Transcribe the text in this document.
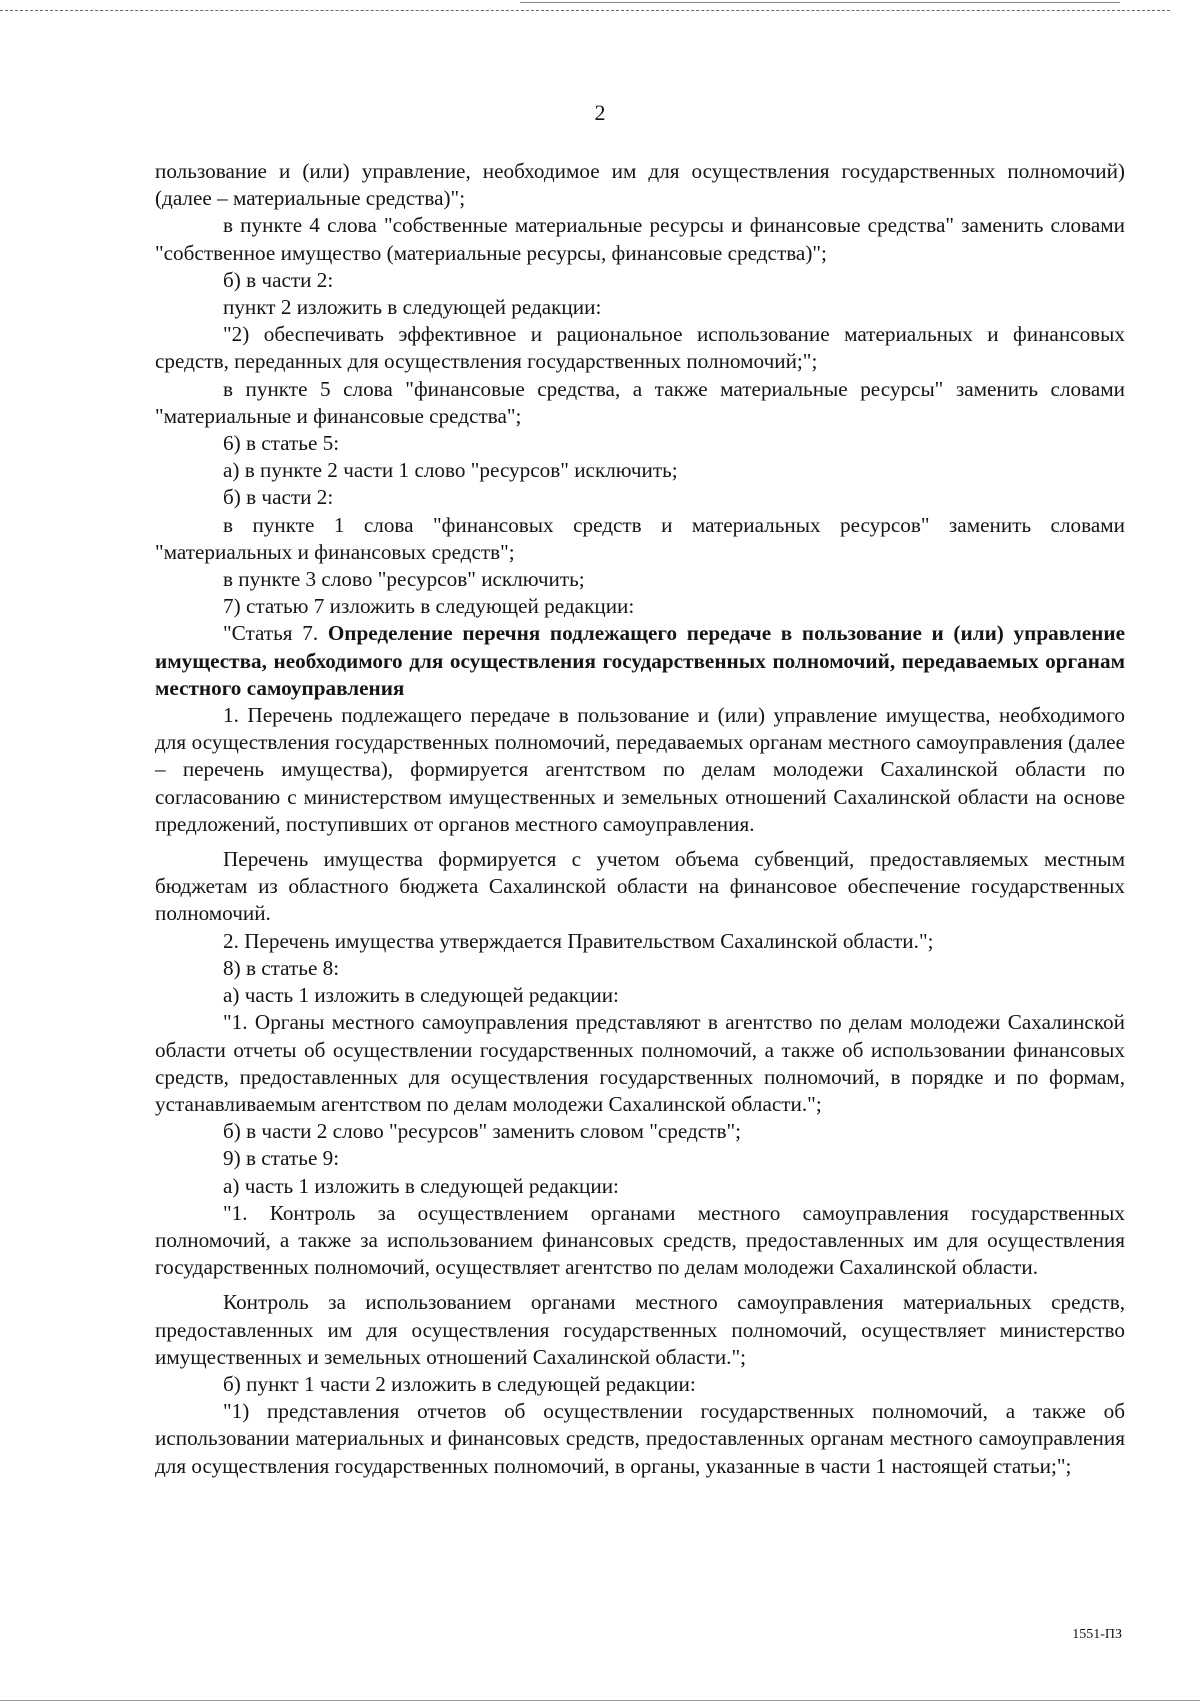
2

пользование и (или) управление, необходимое им для осуществления государственных полномочий) (далее – материальные средства)";

в пункте 4 слова "собственные материальные ресурсы и финансовые средства" заменить словами "собственное имущество (материальные ресурсы, финансовые средства)";

б) в части 2:

пункт 2 изложить в следующей редакции:

"2) обеспечивать эффективное и рациональное использование материальных и финансовых средств, переданных для осуществления государственных полномочий;";

в пункте 5 слова "финансовые средства, а также материальные ресурсы" заменить словами "материальные и финансовые средства";

6) в статье 5:

а) в пункте 2 части 1 слово "ресурсов" исключить;

б) в части 2:

в пункте 1 слова "финансовых средств и материальных ресурсов" заменить словами "материальных и финансовых средств";

в пункте 3 слово "ресурсов" исключить;

7) статью 7 изложить в следующей редакции:

"Статья 7. Определение перечня подлежащего передаче в пользование и (или) управление имущества, необходимого для осуществления государственных полномочий, передаваемых органам местного самоуправления

1. Перечень подлежащего передаче в пользование и (или) управление имущества, необходимого для осуществления государственных полномочий, передаваемых органам местного самоуправления (далее – перечень имущества), формируется агентством по делам молодежи Сахалинской области по согласованию с министерством имущественных и земельных отношений Сахалинской области на основе предложений, поступивших от органов местного самоуправления.

Перечень имущества формируется с учетом объема субвенций, предоставляемых местным бюджетам из областного бюджета Сахалинской области на финансовое обеспечение государственных полномочий.

2. Перечень имущества утверждается Правительством Сахалинской области.";

8) в статье 8:

а) часть 1 изложить в следующей редакции:

"1. Органы местного самоуправления представляют в агентство по делам молодежи Сахалинской области отчеты об осуществлении государственных полномочий, а также об использовании финансовых средств, предоставленных для осуществления государственных полномочий, в порядке и по формам, устанавливаемым агентством по делам молодежи Сахалинской области.";

б) в части 2 слово "ресурсов" заменить словом "средств";

9) в статье 9:

а) часть 1 изложить в следующей редакции:

"1. Контроль за осуществлением органами местного самоуправления государственных полномочий, а также за использованием финансовых средств, предоставленных им для осуществления государственных полномочий, осуществляет агентство по делам молодежи Сахалинской области.

Контроль за использованием органами местного самоуправления материальных средств, предоставленных им для осуществления государственных полномочий, осуществляет министерство имущественных и земельных отношений Сахалинской области.";

б) пункт 1 части 2 изложить в следующей редакции:

"1) представления отчетов об осуществлении государственных полномочий, а также об использовании материальных и финансовых средств, предоставленных органам местного самоуправления для осуществления государственных полномочий, в органы, указанные в части 1 настоящей статьи;";

1551-ПЗ
